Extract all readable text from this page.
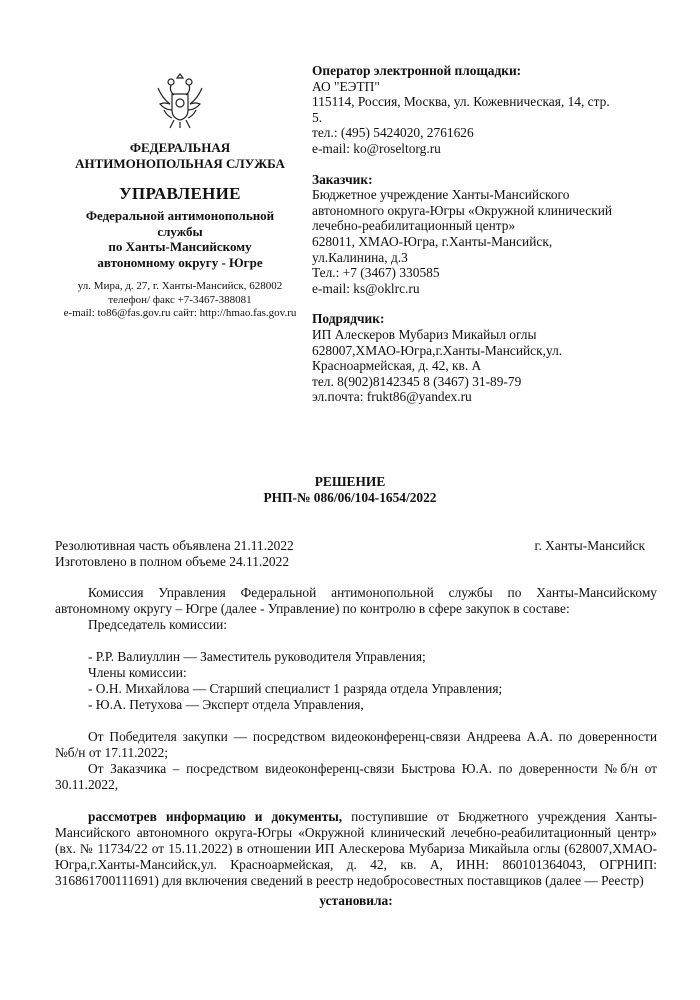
ФЕДЕРАЛЬНАЯ
АНТИМОНОПОЛЬНАЯ СЛУЖБА
УПРАВЛЕНИЕ
Федеральной антимонопольной
службы
по Ханты-Мансийскому
автономному округу - Югре
ул. Мира, д. 27, г. Ханты-Мансийск, 628002
телефон/ факс +7-3467-388081
e-mail: to86@fas.gov.ru сайт: http://hmao.fas.gov.ru
Оператор электронной площадки:
АО "ЕЭТП"
115114, Россия, Москва, ул. Кожевническая, 14, стр.
5.
тел.: (495) 5424020, 2761626
e-mail: ko@roseltorg.ru
Заказчик:
Бюджетное учреждение Ханты-Мансийского
автономного округа-Югры «Окружной клинический
лечебно-реабилитационный центр»
628011, ХМАО-Югра, г.Ханты-Мансийск,
ул.Калинина, д.3
Тел.: +7 (3467) 330585
e-mail: ks@oklrc.ru
Подрядчик:
ИП Алескеров Мубариз Микайыл оглы
628007,ХМАО-Югра,г.Ханты-Мансийск,ул.
Красноармейская, д. 42, кв. А
тел. 8(902)8142345 8 (3467) 31-89-79
эл.почта: frukt86@yandex.ru
РЕШЕНИЕ
РНП-№ 086/06/104-1654/2022
Резолютивная часть объявлена 21.11.2022
Изготовлено в полном объеме 24.11.2022
г. Ханты-Мансийск

Комиссия Управления Федеральной антимонопольной службы по Ханты-Мансийскому автономному округу – Югре (далее - Управление) по контролю в сфере закупок в составе:

Председатель комиссии:

- Р.Р. Валиуллин — Заместитель руководителя Управления;

Члены комиссии:

- О.Н. Михайлова — Старший специалист 1 разряда отдела Управления;

- Ю.А. Петухова — Эксперт отдела Управления,

От Победителя закупки — посредством видеоконференц-связи Андреева А.А. по доверенности №б/н от 17.11.2022;

От Заказчика – посредством видеоконференц-связи Быстрова Ю.А. по доверенности №б/н от 30.11.2022,

рассмотрев информацию и документы, поступившие от Бюджетного учреждения Ханты-Мансийского автономного округа-Югры «Окружной клинический лечебно-реабилитационный центр» (вх. № 11734/22 от 15.11.2022) в отношении ИП Алескерова Мубариза Микайыла оглы (628007,ХМАО-Югра,г.Ханты-Мансийск,ул. Красноармейская, д. 42, кв. А, ИНН: 860101364043, ОГРНИП: 316861700111691) для включения сведений в реестр недобросовестных поставщиков (далее — Реестр)

установила:
